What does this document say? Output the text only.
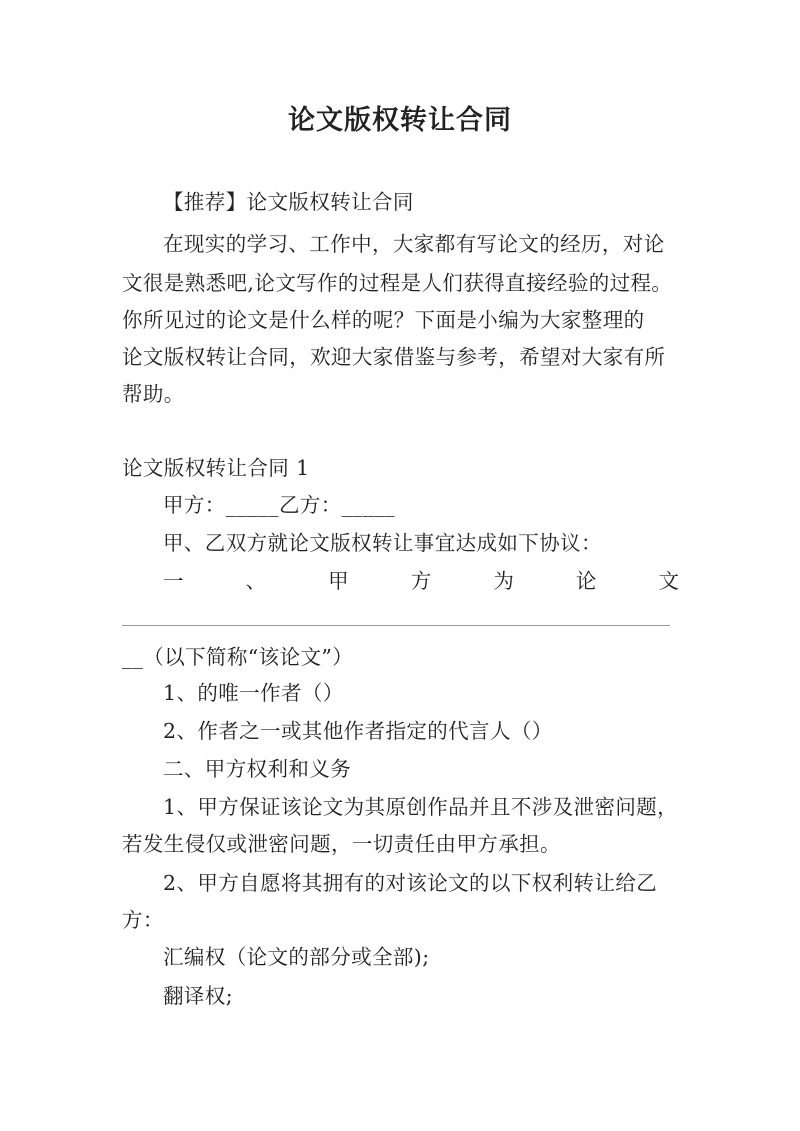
论文版权转让合同
【推荐】论文版权转让合同
在现实的学习、工作中，大家都有写论文的经历，对论
文很是熟悉吧,论文写作的过程是人们获得直接经验的过程。
你所见过的论文是什么样的呢？下面是小编为大家整理的
论文版权转让合同，欢迎大家借鉴与参考，希望对大家有所
帮助。
论文版权转让合同 1
甲方：_____乙方：_____
甲、乙双方就论文版权转让事宜达成如下协议：
一	、	甲	方	为	论	文
__（以下简称“该论文”）
1、的唯一作者（）
2、作者之一或其他作者指定的代言人（）
二、甲方权利和义务
1、甲方保证该论文为其原创作品并且不涉及泄密问题，
若发生侵仅或泄密问题，一切责任由甲方承担。
2、甲方自愿将其拥有的对该论文的以下权利转让给乙
方：
汇编权（论文的部分或全部);
翻译权;
